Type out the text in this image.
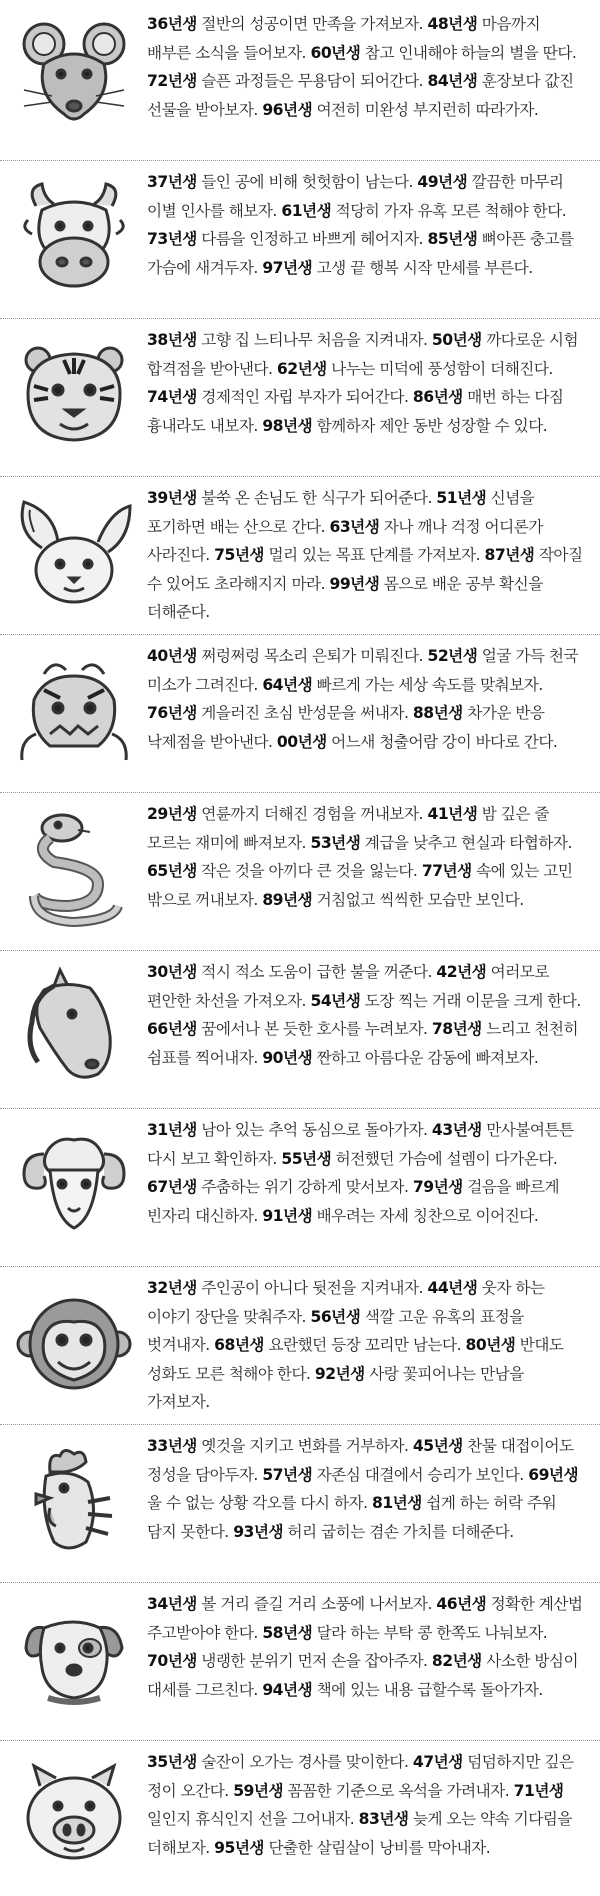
36년생 절반의 성공이면 만족을 가져보자. 48년생 마음까지 배부른 소식을 들어보자. 60년생 참고 인내해야 하늘의 별을 딴다. 72년생 슬픈 과정들은 무용담이 되어간다. 84년생 훈장보다 값진 선물을 받아보자. 96년생 여전히 미완성 부지런히 따라가자.
37년생 들인 공에 비해 헛헛함이 남는다. 49년생 깔끔한 마무리 이별 인사를 해보자. 61년생 적당히 가자 유혹 모른 척해야 한다. 73년생 다름을 인정하고 바쁘게 헤어지자. 85년생 뼈아픈 충고를 가슴에 새겨두자. 97년생 고생 끝 행복 시작 만세를 부른다.
38년생 고향 집 느티나무 처음을 지켜내자. 50년생 까다로운 시험 합격점을 받아낸다. 62년생 나누는 미덕에 풍성함이 더해진다. 74년생 경제적인 자립 부자가 되어간다. 86년생 매번 하는 다짐 흉내라도 내보자. 98년생 함께하자 제안 동반 성장할 수 있다.
39년생 불쑥 온 손님도 한 식구가 되어준다. 51년생 신념을 포기하면 배는 산으로 간다. 63년생 자나 깨나 걱정 어디론가 사라진다. 75년생 멀리 있는 목표 단계를 가져보자. 87년생 작아질 수 있어도 초라해지지 마라. 99년생 몸으로 배운 공부 확신을 더해준다.
40년생 쩌렁쩌렁 목소리 은퇴가 미뤄진다. 52년생 얼굴 가득 천국 미소가 그려진다. 64년생 빠르게 가는 세상 속도를 맞춰보자. 76년생 게을러진 초심 반성문을 써내자. 88년생 차가운 반응 낙제점을 받아낸다. 00년생 어느새 청출어람 강이 바다로 간다.
29년생 연륜까지 더해진 경험을 꺼내보자. 41년생 밤 깊은 줄 모르는 재미에 빠져보자. 53년생 계급을 낮추고 현실과 타협하자. 65년생 작은 것을 아끼다 큰 것을 잃는다. 77년생 속에 있는 고민 밖으로 꺼내보자. 89년생 거침없고 씩씩한 모습만 보인다.
30년생 적시 적소 도움이 급한 불을 꺼준다. 42년생 여러모로 편안한 차선을 가져오자. 54년생 도장 찍는 거래 이문을 크게 한다. 66년생 꿈에서나 본 듯한 호사를 누려보자. 78년생 느리고 천천히 쉼표를 찍어내자. 90년생 짠하고 아름다운 감동에 빠져보자.
31년생 남아 있는 추억 동심으로 돌아가자. 43년생 만사불여튼튼 다시 보고 확인하자. 55년생 허전했던 가슴에 설렘이 다가온다. 67년생 주춤하는 위기 강하게 맞서보자. 79년생 걸음을 빠르게 빈자리 대신하자. 91년생 배우려는 자세 칭찬으로 이어진다.
32년생 주인공이 아니다 뒷전을 지켜내자. 44년생 웃자 하는 이야기 장단을 맞춰주자. 56년생 색깔 고운 유혹의 표정을 벗겨내자. 68년생 요란했던 등장 꼬리만 남는다. 80년생 반대도 성화도 모른 척해야 한다. 92년생 사랑 꽃피어나는 만남을 가져보자.
33년생 옛것을 지키고 변화를 거부하자. 45년생 찬물 대접이어도 정성을 담아두자. 57년생 자존심 대결에서 승리가 보인다. 69년생 울 수 없는 상황 각오를 다시 하자. 81년생 쉽게 하는 허락 주워 담지 못한다. 93년생 허리 굽히는 겸손 가치를 더해준다.
34년생 볼 거리 즐길 거리 소풍에 나서보자. 46년생 정확한 계산법 주고받아야 한다. 58년생 달라 하는 부탁 콩 한쪽도 나눠보자. 70년생 냉랭한 분위기 먼저 손을 잡아주자. 82년생 사소한 방심이 대세를 그르친다. 94년생 책에 있는 내용 급할수록 돌아가자.
35년생 술잔이 오가는 경사를 맞이한다. 47년생 덤덤하지만 깊은 정이 오간다. 59년생 꼼꼼한 기준으로 옥석을 가려내자. 71년생 일인지 휴식인지 선을 그어내자. 83년생 늦게 오는 약속 기다림을 더해보자. 95년생 단출한 살림살이 낭비를 막아내자.
